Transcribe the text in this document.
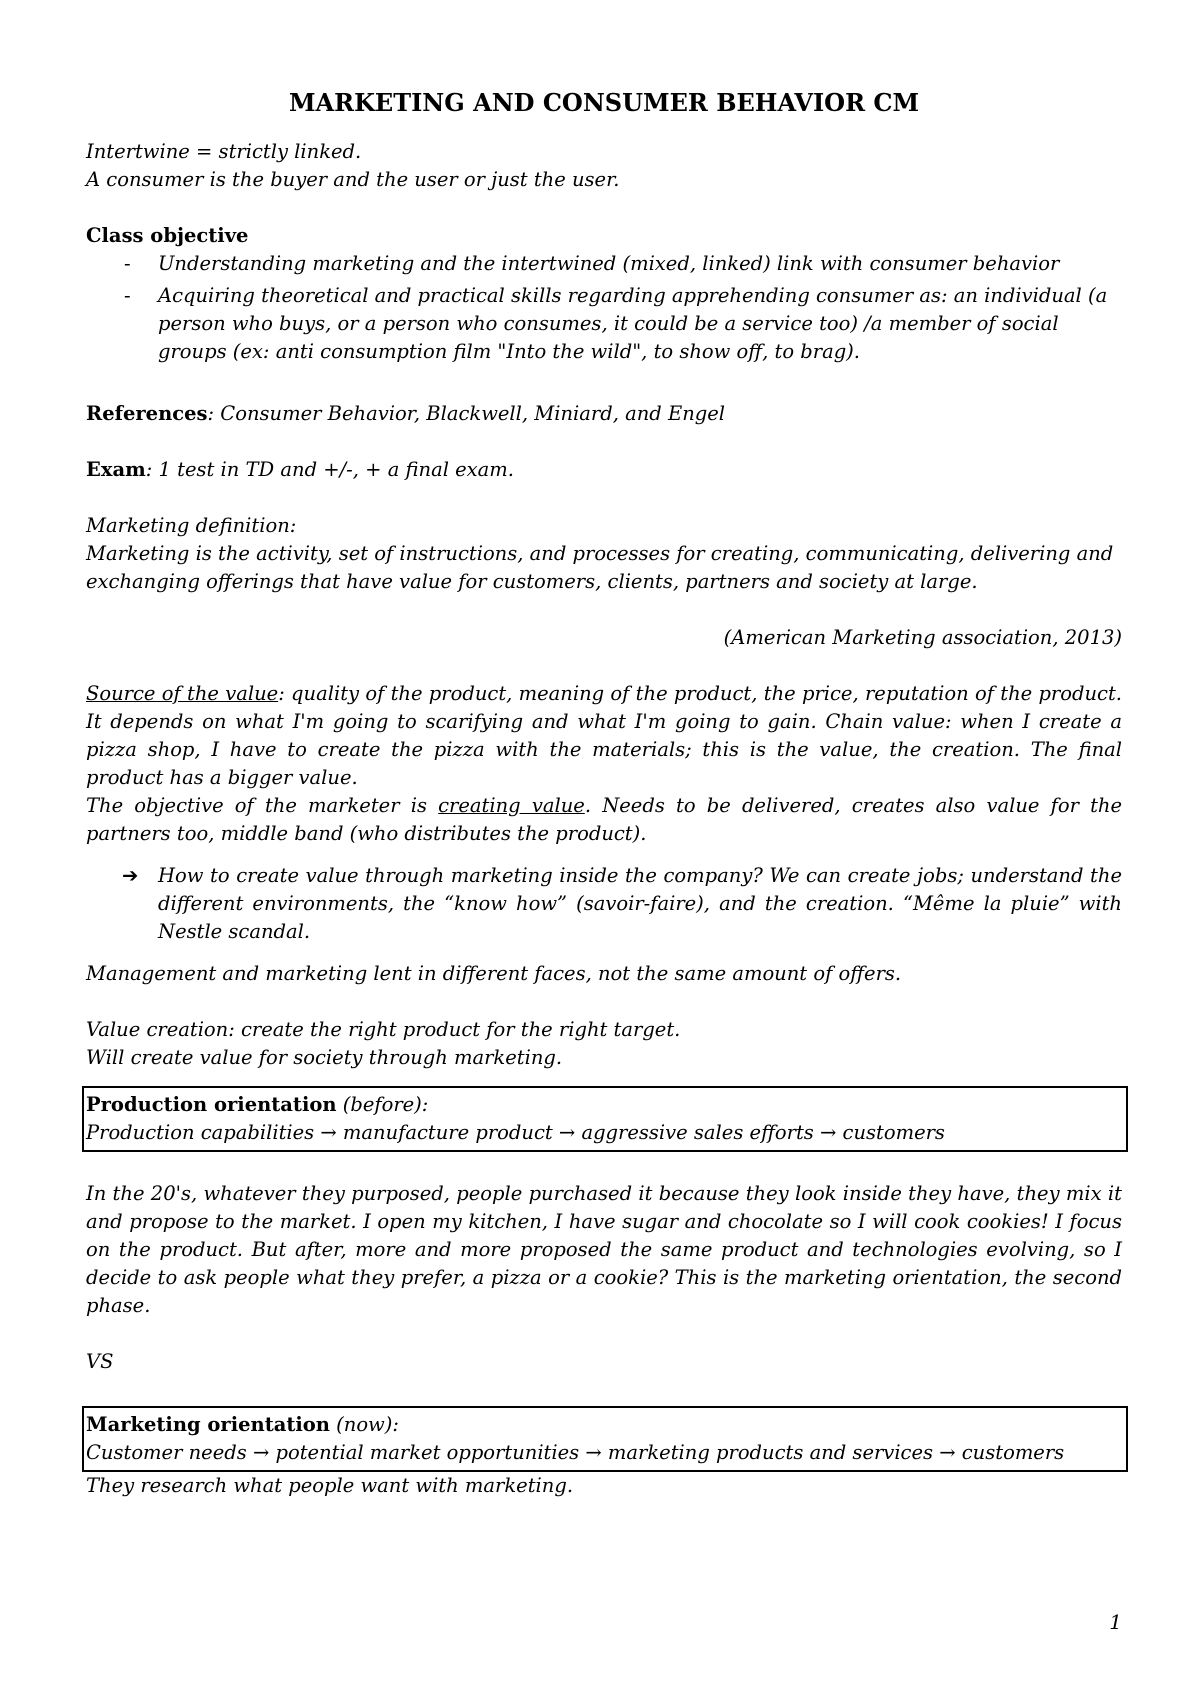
MARKETING AND CONSUMER BEHAVIOR CM

Intertwine = strictly linked.

A consumer is the buyer and the user or just the user.

Class objective

- Understanding marketing and the intertwined (mixed, linked) link with consumer behavior
- Acquiring theoretical and practical skills regarding apprehending consumer as: an individual (a person who buys, or a person who consumes, it could be a service too) /a member of social groups (ex: anti consumption film "Into the wild", to show off, to brag).

References: Consumer Behavior, Blackwell, Miniard, and Engel

Exam: 1 test in TD and +/-, + a final exam.

Marketing definition:

Marketing is the activity, set of instructions, and processes for creating, communicating, delivering and exchanging offerings that have value for customers, clients, partners and society at large.

(American Marketing association, 2013)

Source of the value: quality of the product, meaning of the product, the price, reputation of the product. It depends on what I'm going to scarifying and what I'm going to gain. Chain value: when I create a pizza shop, I have to create the pizza with the materials; this is the value, the creation. The final product has a bigger value.

The objective of the marketer is creating value. Needs to be delivered, creates also value for the partners too, middle band (who distributes the product).

➔ How to create value through marketing inside the company? We can create jobs; understand the different environments, the “know how” (savoir-faire), and the creation. “Même la pluie” with Nestle scandal.

Management and marketing lent in different faces, not the same amount of offers.

Value creation: create the right product for the right target.

Will create value for society through marketing.

Production orientation (before):

Production capabilities → manufacture product → aggressive sales efforts → customers

In the 20's, whatever they purposed, people purchased it because they look inside they have, they mix it and propose to the market. I open my kitchen, I have sugar and chocolate so I will cook cookies! I focus on the product. But after, more and more proposed the same product and technologies evolving, so I decide to ask people what they prefer, a pizza or a cookie? This is the marketing orientation, the second phase.

VS

Marketing orientation (now):

Customer needs → potential market opportunities → marketing products and services → customers

They research what people want with marketing.

1
